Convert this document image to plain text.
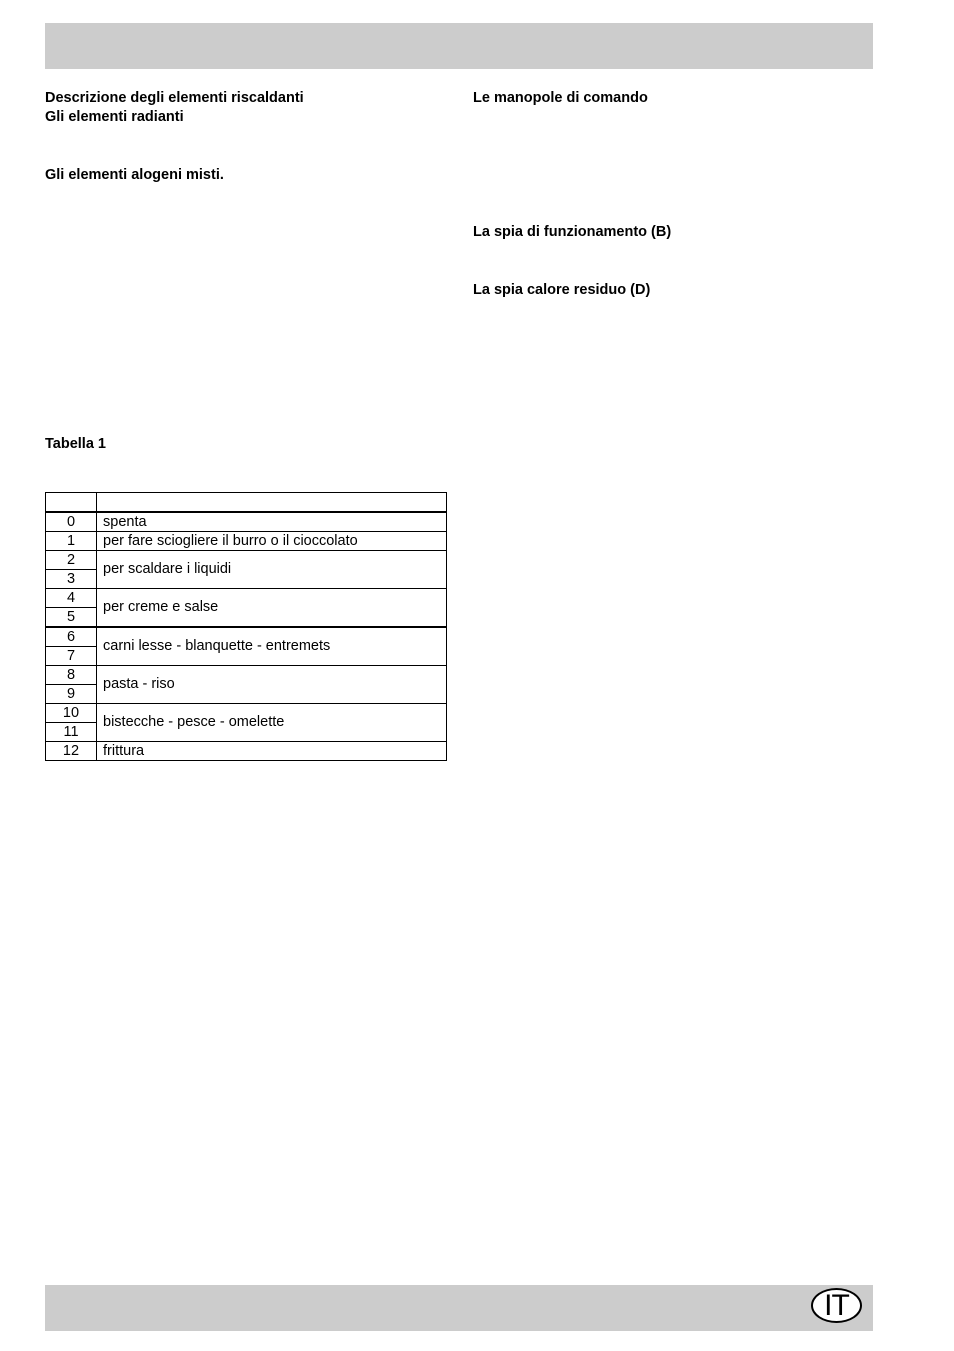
Descrizione degli elementi riscaldanti
Gli elementi radianti
Gli elementi alogeni misti.
Le manopole di comando
La spia di funzionamento (B)
La spia calore residuo (D)
Tabella 1

0	spenta
1	per fare sciogliere il burro o il cioccolato
2	per scaldare i liquidi
3	
4	per creme e salse
5	
6	carni lesse - blanquette - entremets
7	
8	pasta - riso
9	
10	bistecche - pesce - omelette
11	
12	frittura
IT
